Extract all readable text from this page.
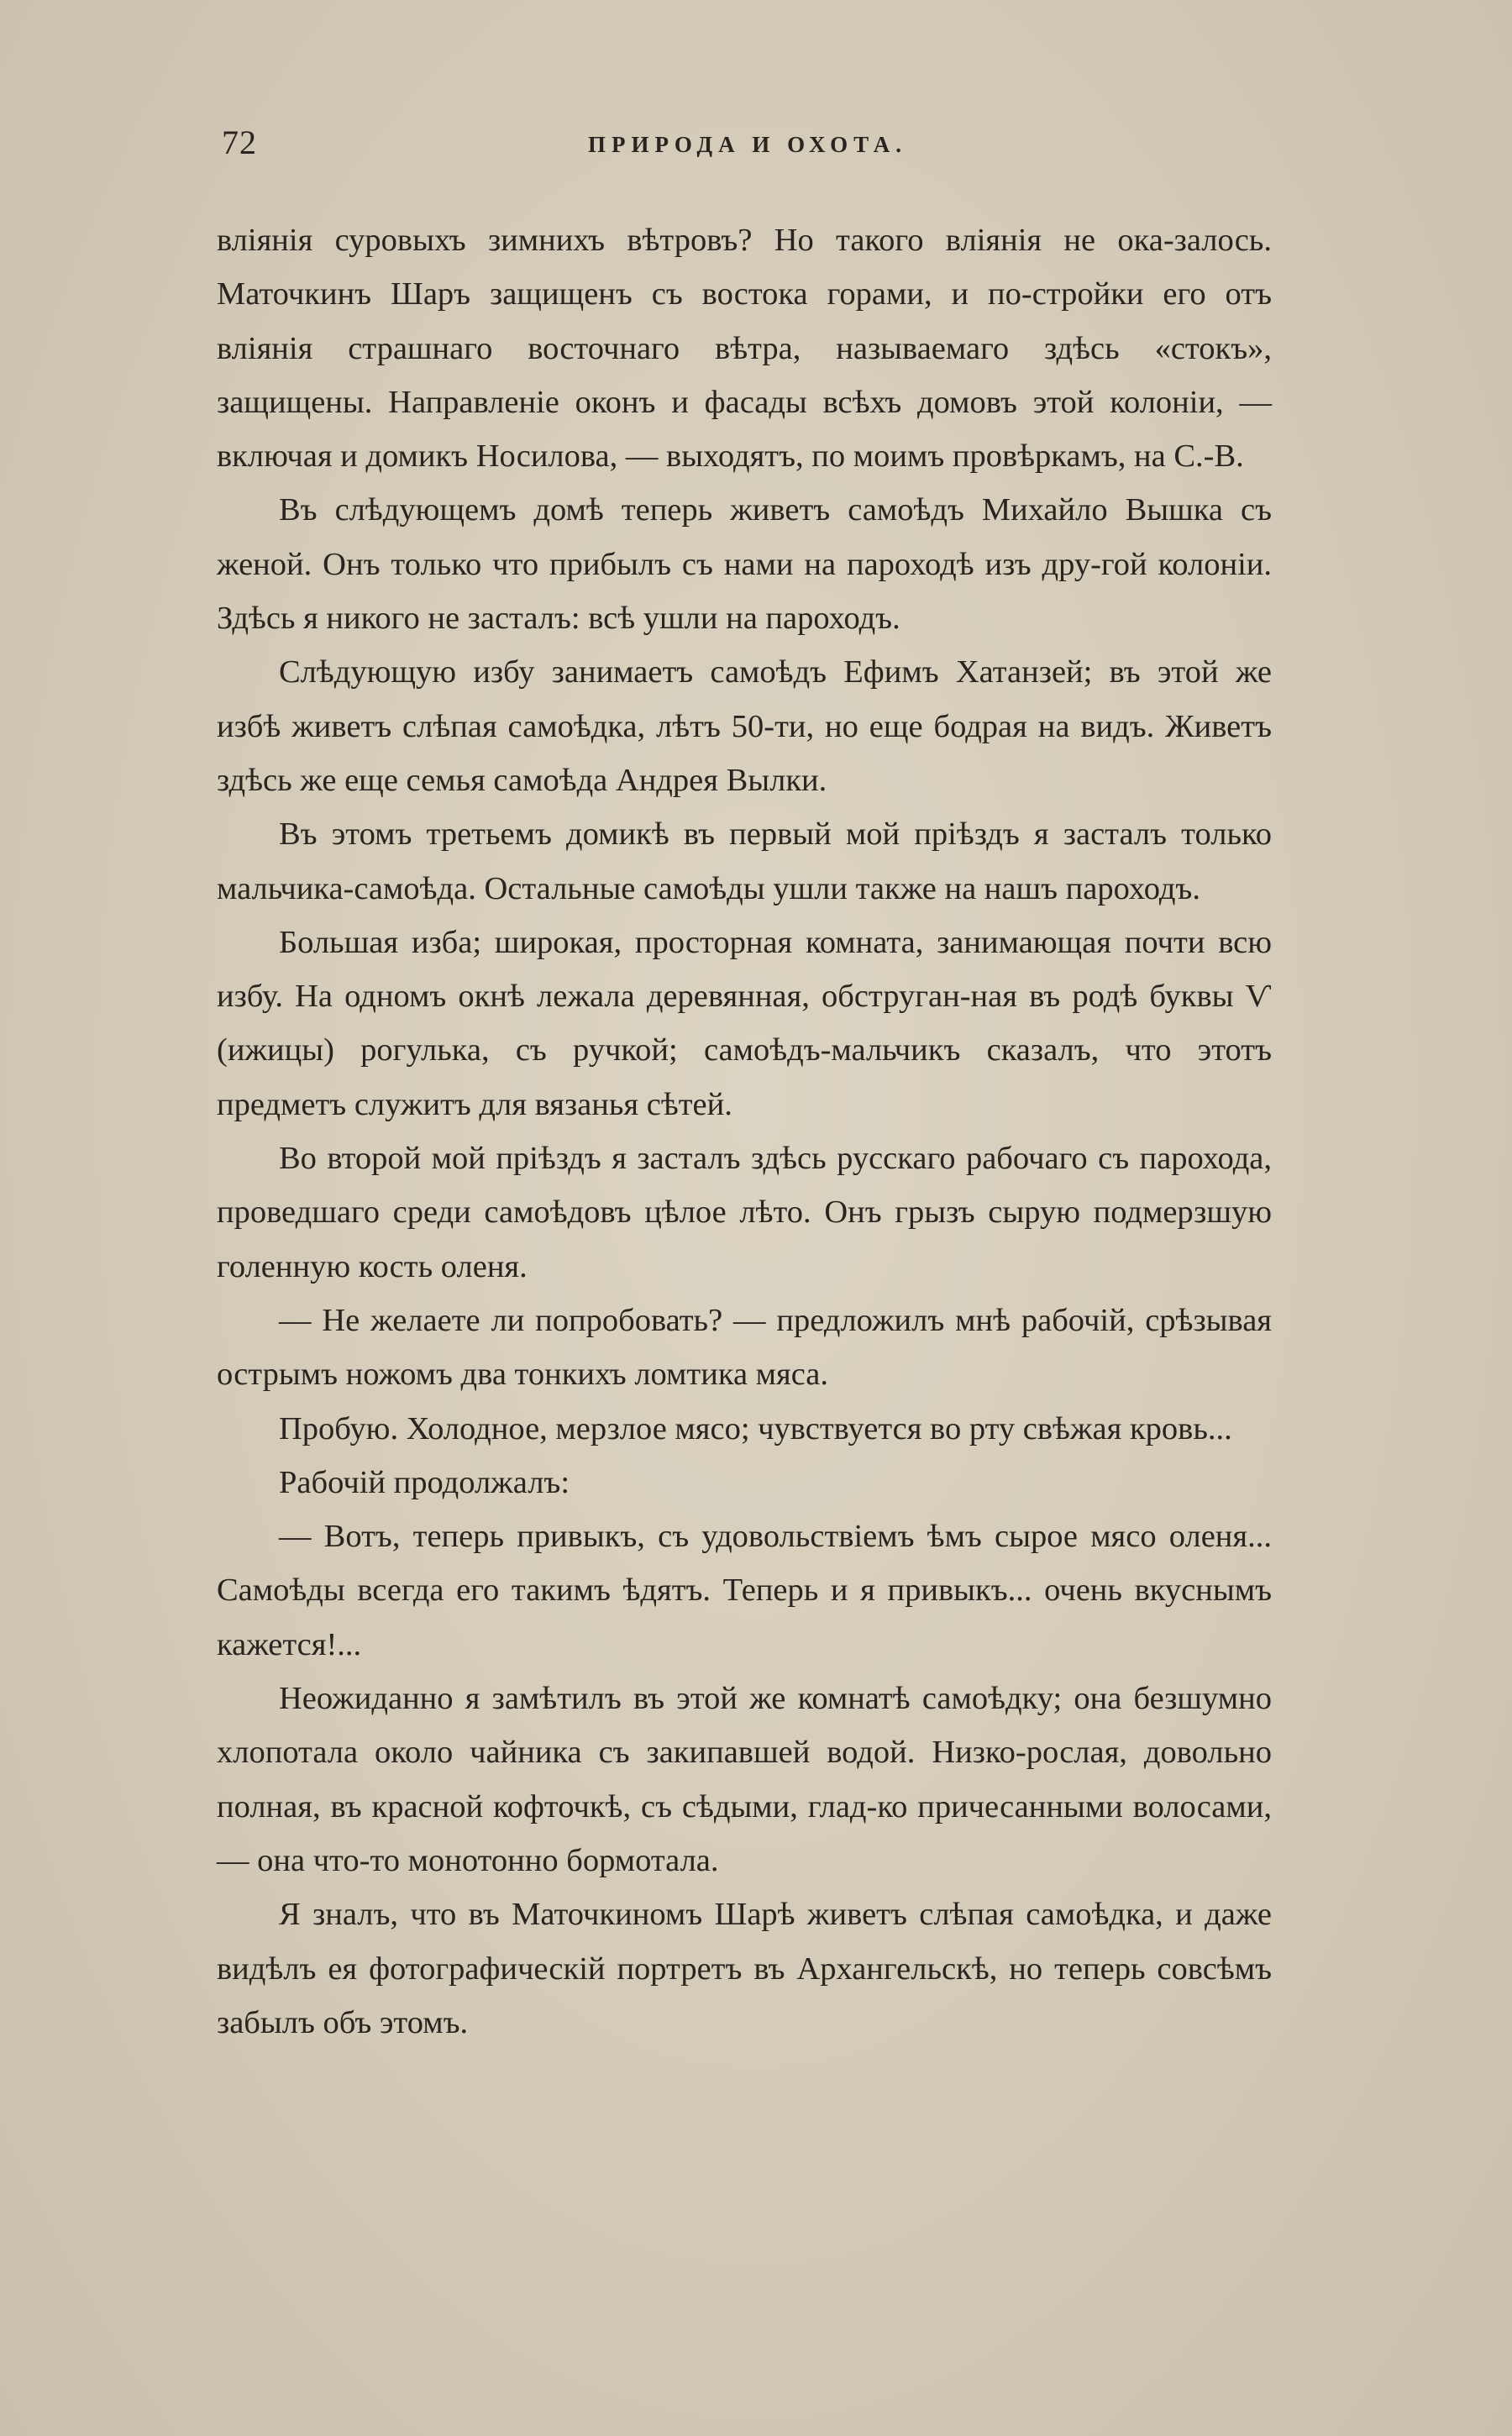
72	ПРИРОДА И ОХОТА.

вліянія суровыхъ зимнихъ вѣтровъ? Но такого вліянія не ока-залось. Маточкинъ Шаръ защищенъ съ востока горами, и по-стройки его отъ вліянія страшнаго восточнаго вѣтра, называемаго здѣсь «стокъ», защищены. Направленіе оконъ и фасады всѣхъ домовъ этой колоніи, — включая и домикъ Носилова, — выходятъ, по моимъ провѣркамъ, на С.-В.

Въ слѣдующемъ домѣ теперь живетъ самоѣдъ Михайло Вышка съ женой. Онъ только что прибылъ съ нами на пароходѣ изъ дру-гой колоніи. Здѣсь я никого не засталъ: всѣ ушли на пароходъ.

Слѣдующую избу занимаетъ самоѣдъ Ефимъ Хатанзей; въ этой же избѣ живетъ слѣпая самоѣдка, лѣтъ 50-ти, но еще бодрая на видъ. Живетъ здѣсь же еще семья самоѣда Андрея Вылки.

Въ этомъ третьемъ домикѣ въ первый мой пріѣздъ я засталъ только мальчика-самоѣда. Остальные самоѣды ушли также на нашъ пароходъ.

Большая изба; широкая, просторная комната, занимающая почти всю избу. На одномъ окнѣ лежала деревянная, обструган-ная въ родѣ буквы Ѵ (ижицы) рогулька, съ ручкой; самоѣдъ-мальчикъ сказалъ, что этотъ предметъ служитъ для вязанья сѣтей.

Во второй мой пріѣздъ я засталъ здѣсь русскаго рабочаго съ парохода, проведшаго среди самоѣдовъ цѣлое лѣто. Онъ грызъ сырую подмерзшую голенную кость оленя.

— Не желаете ли попробовать? — предложилъ мнѣ рабочій, срѣзывая острымъ ножомъ два тонкихъ ломтика мяса.

Пробую. Холодное, мерзлое мясо; чувствуется во рту свѣжая кровь...

Рабочій продолжалъ:

— Вотъ, теперь привыкъ, съ удовольствіемъ ѣмъ сырое мясо оленя... Самоѣды всегда его такимъ ѣдятъ. Теперь и я привыкъ... очень вкуснымъ кажется!...

Неожиданно я замѣтилъ въ этой же комнатѣ самоѣдку; она безшумно хлопотала около чайника съ закипавшей водой. Низко-рослая, довольно полная, въ красной кофточкѣ, съ сѣдыми, глад-ко причесанными волосами, — она что-то монотонно бормотала.

Я зналъ, что въ Маточкиномъ Шарѣ живетъ слѣпая самоѣдка, и даже видѣлъ ея фотографическій портретъ въ Архангельскѣ, но теперь совсѣмъ забылъ объ этомъ.
